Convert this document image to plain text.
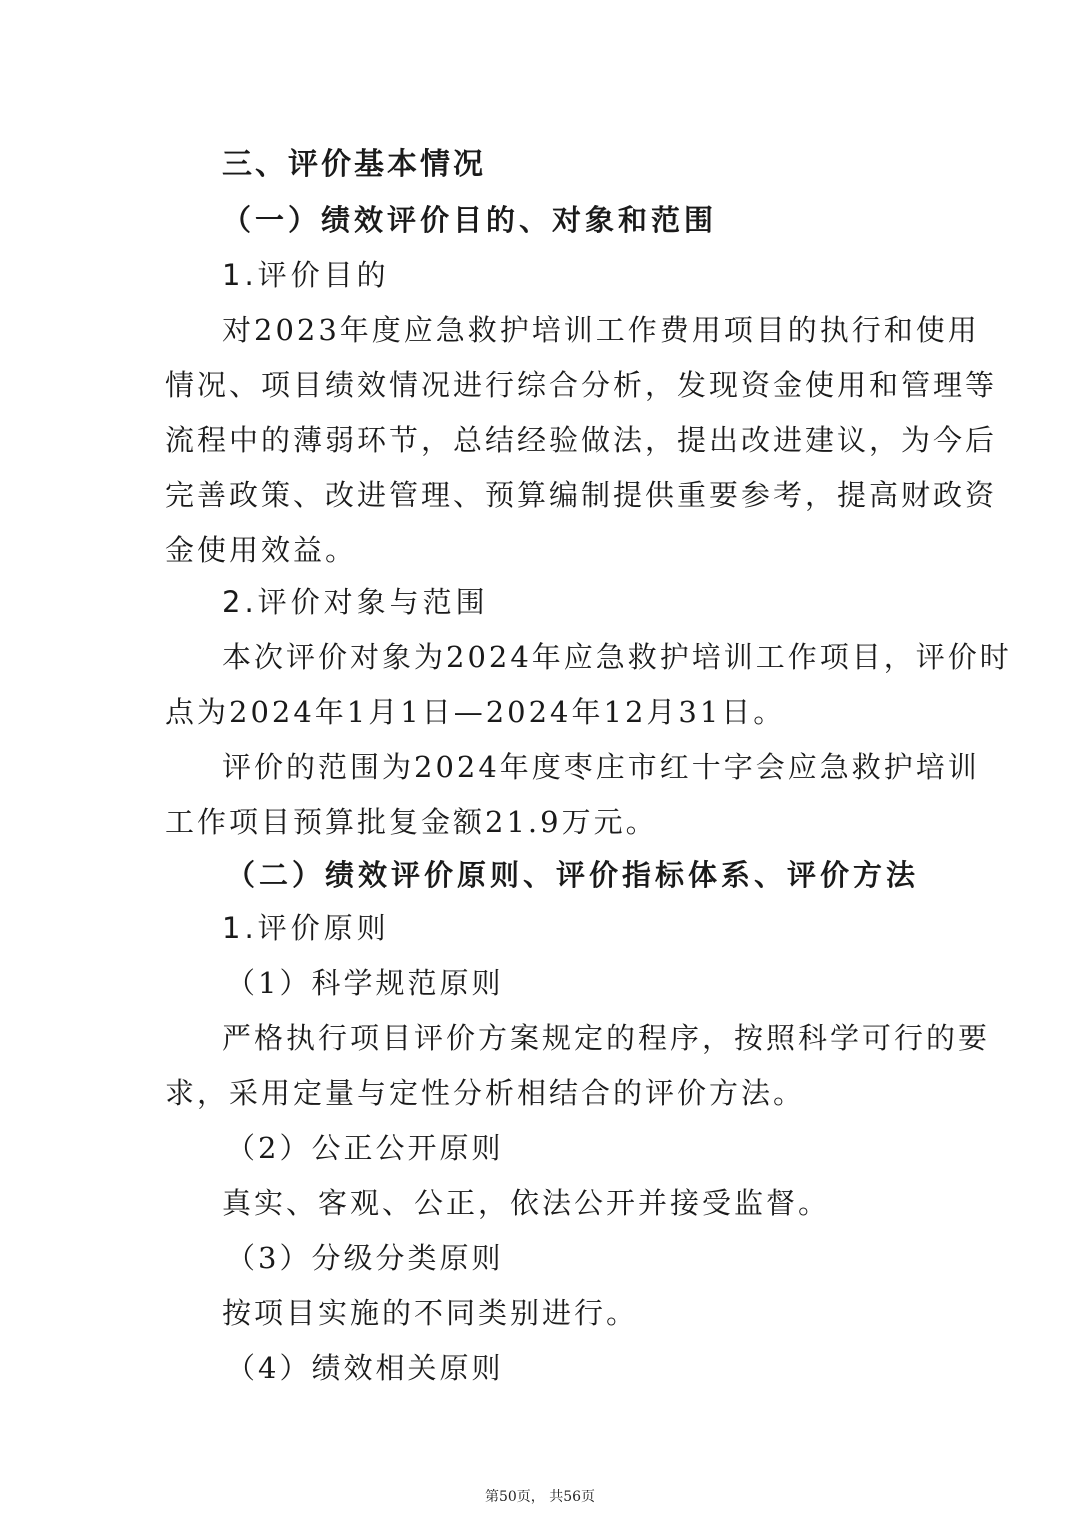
三、评价基本情况
（一）绩效评价目的、对象和范围
1.评价目的
对2023年度应急救护培训工作费用项目的执行和使用
情况、项目绩效情况进行综合分析，发现资金使用和管理等
流程中的薄弱环节，总结经验做法，提出改进建议，为今后
完善政策、改进管理、预算编制提供重要参考，提高财政资
金使用效益。
2.评价对象与范围
本次评价对象为2024年应急救护培训工作项目，评价时
点为2024年1月1日—2024年12月31日。
评价的范围为2024年度枣庄市红十字会应急救护培训
工作项目预算批复金额21.9万元。
（二）绩效评价原则、评价指标体系、评价方法
1.评价原则
（1）科学规范原则
严格执行项目评价方案规定的程序，按照科学可行的要
求，采用定量与定性分析相结合的评价方法。
（2）公正公开原则
真实、客观、公正，依法公开并接受监督。
（3）分级分类原则
按项目实施的不同类别进行。
（4）绩效相关原则
第50页， 共56页
